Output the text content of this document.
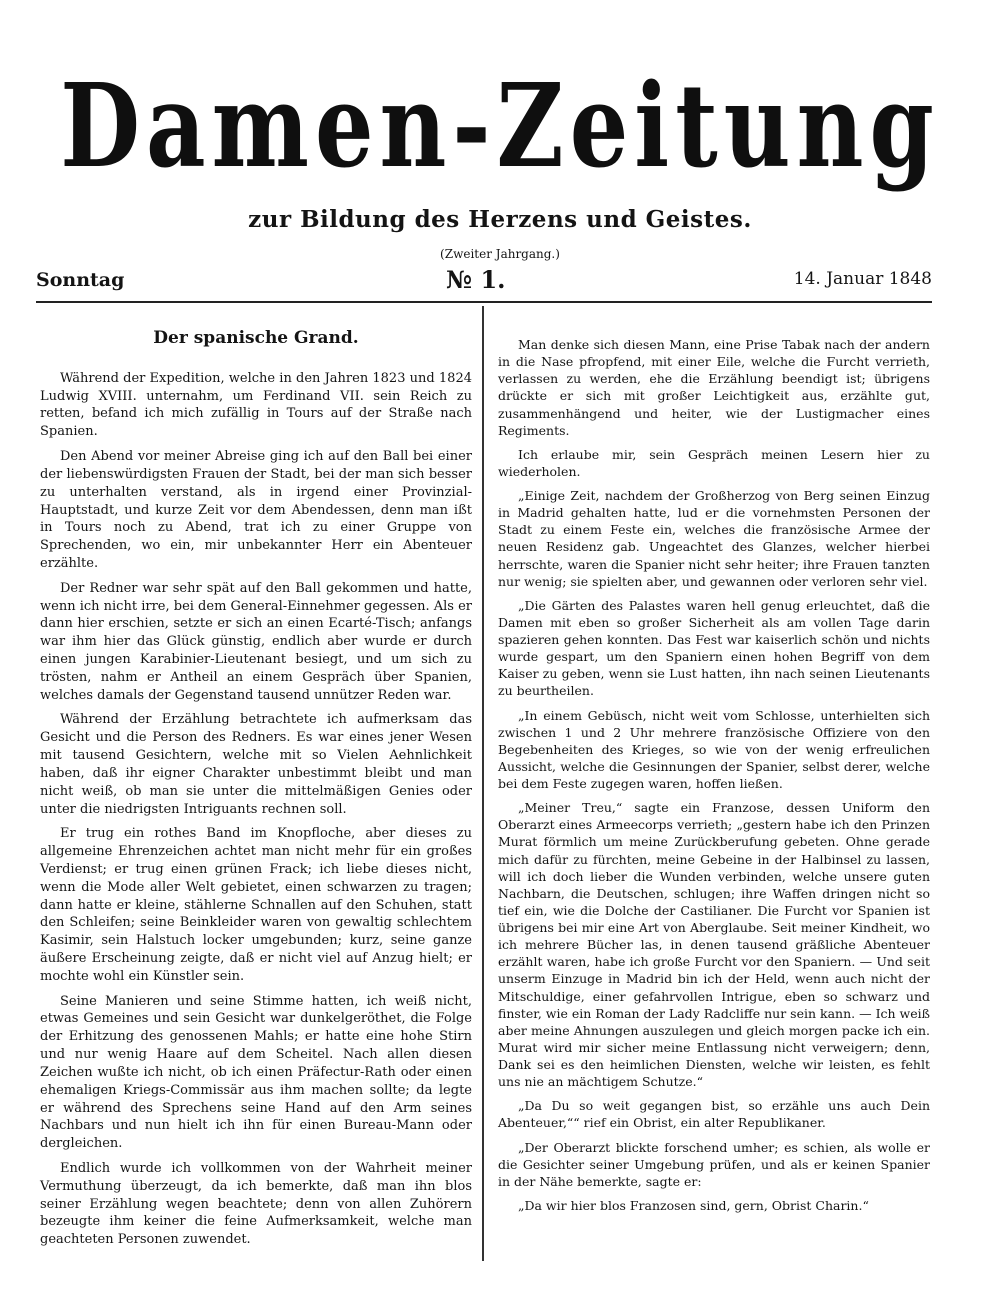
Damen-Zeitung
zur Bildung des Herzens und Geistes.
(Zweiter Jahrgang.)
Sonntag	№ 1.	14. Januar 1848
Der spanische Grand.

Während der Expedition, welche in den Jahren 1823 und 1824 Ludwig XVIII. unternahm, um Ferdinand VII. sein Reich zu retten, befand ich mich zufällig in Tours auf der Straße nach Spanien.

Den Abend vor meiner Abreise ging ich auf den Ball bei einer der liebenswürdigsten Frauen der Stadt, bei der man sich besser zu unterhalten verstand, als in irgend einer Provinzial-Hauptstadt, und kurze Zeit vor dem Abendessen, denn man ißt in Tours noch zu Abend, trat ich zu einer Gruppe von Sprechenden, wo ein, mir unbekannter Herr ein Abenteuer erzählte.

Der Redner war sehr spät auf den Ball gekommen und hatte, wenn ich nicht irre, bei dem General-Einnehmer gegessen. Als er dann hier erschien, setzte er sich an einen Ecarté-Tisch; anfangs war ihm hier das Glück günstig, endlich aber wurde er durch einen jungen Karabinier-Lieutenant besiegt, und um sich zu trösten, nahm er Antheil an einem Gespräch über Spanien, welches damals der Gegenstand tausend unnützer Reden war.

Während der Erzählung betrachtete ich aufmerksam das Gesicht und die Person des Redners. Es war eines jener Wesen mit tausend Gesichtern, welche mit so Vielen Aehnlichkeit haben, daß ihr eigner Charakter unbestimmt bleibt und man nicht weiß, ob man sie unter die mittelmäßigen Genies oder unter die niedrigsten Intriguants rechnen soll.

Er trug ein rothes Band im Knopfloche, aber dieses zu allgemeine Ehrenzeichen achtet man nicht mehr für ein großes Verdienst; er trug einen grünen Frack; ich liebe dieses nicht, wenn die Mode aller Welt gebietet, einen schwarzen zu tragen; dann hatte er kleine, stählerne Schnallen auf den Schuhen, statt den Schleifen; seine Beinkleider waren von gewaltig schlechtem Kasimir, sein Halstuch locker umgebunden; kurz, seine ganze äußere Erscheinung zeigte, daß er nicht viel auf Anzug hielt; er mochte wohl ein Künstler sein.

Seine Manieren und seine Stimme hatten, ich weiß nicht, etwas Gemeines und sein Gesicht war dunkelgeröthet, die Folge der Erhitzung des genossenen Mahls; er hatte eine hohe Stirn und nur wenig Haare auf dem Scheitel. Nach allen diesen Zeichen wußte ich nicht, ob ich einen Präfectur-Rath oder einen ehemaligen Kriegs-Commissär aus ihm machen sollte; da legte er während des Sprechens seine Hand auf den Arm seines Nachbars und nun hielt ich ihn für einen Bureau-Mann oder dergleichen.

Endlich wurde ich vollkommen von der Wahrheit meiner Vermuthung überzeugt, da ich bemerkte, daß man ihn blos seiner Erzählung wegen beachtete; denn von allen Zuhörern bezeugte ihm keiner die feine Aufmerksamkeit, welche man geachteten Personen zuwendet.

Man denke sich diesen Mann, eine Prise Tabak nach der andern in die Nase pfropfend, mit einer Eile, welche die Furcht verrieth, verlassen zu werden, ehe die Erzählung beendigt ist; übrigens drückte er sich mit großer Leichtigkeit aus, erzählte gut, zusammenhängend und heiter, wie der Lustigmacher eines Regiments.

Ich erlaube mir, sein Gespräch meinen Lesern hier zu wiederholen.

„Einige Zeit, nachdem der Großherzog von Berg seinen Einzug in Madrid gehalten hatte, lud er die vornehmsten Personen der Stadt zu einem Feste ein, welches die französische Armee der neuen Residenz gab. Ungeachtet des Glanzes, welcher hierbei herrschte, waren die Spanier nicht sehr heiter; ihre Frauen tanzten nur wenig; sie spielten aber, und gewannen oder verloren sehr viel.

„Die Gärten des Palastes waren hell genug erleuchtet, daß die Damen mit eben so großer Sicherheit als am vollen Tage darin spazieren gehen konnten. Das Fest war kaiserlich schön und nichts wurde gespart, um den Spaniern einen hohen Begriff von dem Kaiser zu geben, wenn sie Lust hatten, ihn nach seinen Lieutenants zu beurtheilen.

„In einem Gebüsch, nicht weit vom Schlosse, unterhielten sich zwischen 1 und 2 Uhr mehrere französische Offiziere von den Begebenheiten des Krieges, so wie von der wenig erfreulichen Aussicht, welche die Gesinnungen der Spanier, selbst derer, welche bei dem Feste zugegen waren, hoffen ließen.

„Meiner Treu,“ sagte ein Franzose, dessen Uniform den Oberarzt eines Armeecorps verrieth; „gestern habe ich den Prinzen Murat förmlich um meine Zurückberufung gebeten. Ohne gerade mich dafür zu fürchten, meine Gebeine in der Halbinsel zu lassen, will ich doch lieber die Wunden verbinden, welche unsere guten Nachbarn, die Deutschen, schlugen; ihre Waffen dringen nicht so tief ein, wie die Dolche der Castilianer. Die Furcht vor Spanien ist übrigens bei mir eine Art von Aberglaube. Seit meiner Kindheit, wo ich mehrere Bücher las, in denen tausend gräßliche Abenteuer erzählt waren, habe ich große Furcht vor den Spaniern. — Und seit unserm Einzuge in Madrid bin ich der Held, wenn auch nicht der Mitschuldige, einer gefahrvollen Intrigue, eben so schwarz und finster, wie ein Roman der Lady Radcliffe nur sein kann. — Ich weiß aber meine Ahnungen auszulegen und gleich morgen packe ich ein. Murat wird mir sicher meine Entlassung nicht verweigern; denn, Dank sei es den heimlichen Diensten, welche wir leisten, es fehlt uns nie an mächtigem Schutze.“

„Da Du so weit gegangen bist, so erzähle uns auch Dein Abenteuer,““ rief ein Obrist, ein alter Republikaner.

„Der Oberarzt blickte forschend umher; es schien, als wolle er die Gesichter seiner Umgebung prüfen, und als er keinen Spanier in der Nähe bemerkte, sagte er:

„Da wir hier blos Franzosen sind, gern, Obrist Charin.“
